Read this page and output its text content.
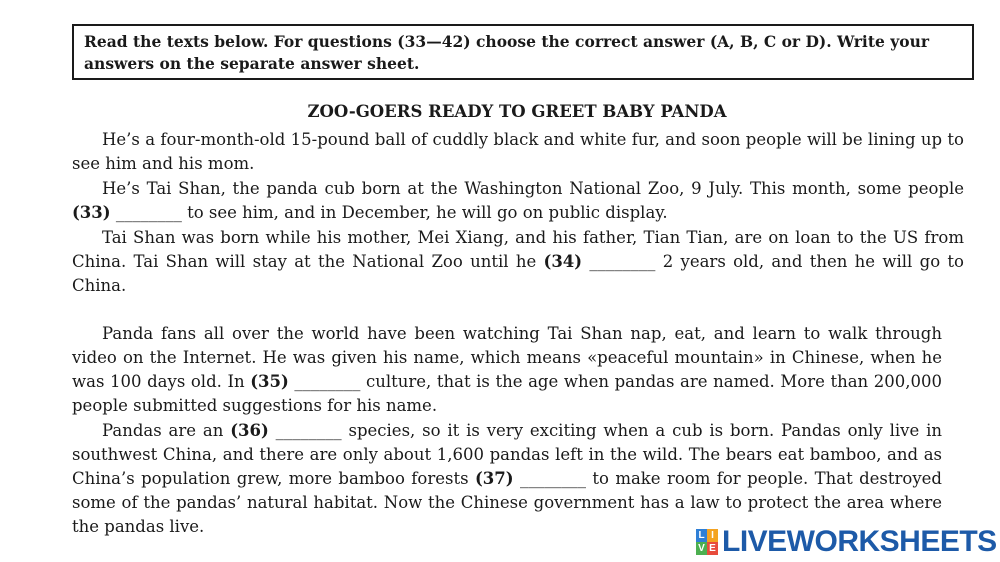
Read the texts below. For questions (33—42) choose the correct answer (A, B, C or D). Write your
answers on the separate answer sheet.
ZOO-GOERS READY TO GREET BABY PANDA
He’s a four-month-old 15-pound ball of cuddly black and white fur, and soon people will be lining up to see him and his mom.
He’s Tai Shan, the panda cub born at the Washington National Zoo, 9 July. This month, some people (33) ________ to see him, and in December, he will go on public display.
Tai Shan was born while his mother, Mei Xiang, and his father, Tian Tian, are on loan to the US from China. Tai Shan will stay at the National Zoo until he (34) ________ 2 years old, and then he will go to China.
Panda fans all over the world have been watching Tai Shan nap, eat, and learn to walk through video on the Internet. He was given his name, which means «peaceful mountain» in Chinese, when he was 100 days old. In (35) ________ culture, that is the age when pandas are named. More than 200,000 people submitted suggestions for his name.
Pandas are an (36) ________ species, so it is very exciting when a cub is born. Pandas only live in southwest China, and there are only about 1,600 pandas left in the wild. The bears eat bamboo, and as China’s population grew, more bamboo forests (37) ________ to make room for people. That destroyed some of the pandas’ natural habitat. Now the Chinese government has a law to protect the area where the pandas live.	L I
V E LIVEWORKSHEETS
